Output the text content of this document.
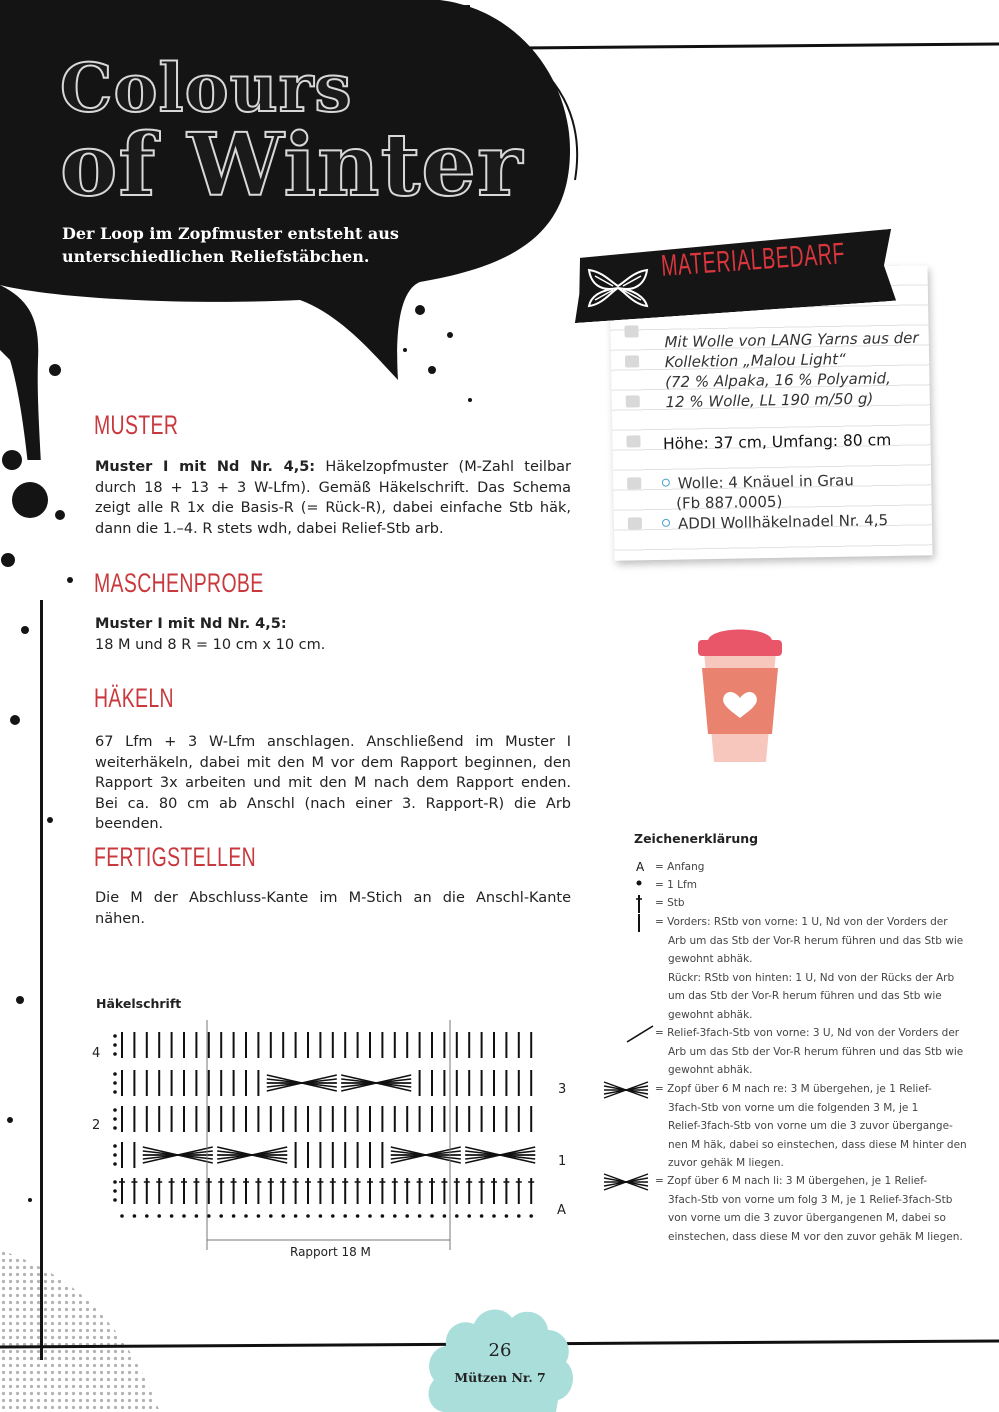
Colours
of Winter
Der Loop im Zopfmuster entsteht aus unterschiedlichen Reliefstäbchen.
MUSTER
Muster I mit Nd Nr. 4,5: Häkelzopfmuster (M-Zahl teilbar durch 18 + 13 + 3 W-Lfm). Gemäß Häkelschrift. Das Schema zeigt alle R 1x die Basis-R (= Rück-R), dabei einfache Stb häk, dann die 1.–4. R stets wdh, dabei Relief-Stb arb.
MASCHENPROBE
Muster I mit Nd Nr. 4,5:
18 M und 8 R = 10 cm x 10 cm.
HÄKELN
67 Lfm + 3 W-Lfm anschlagen. Anschließend im Muster I weiterhäkeln, dabei mit den M vor dem Rapport beginnen, den Rapport 3x arbeiten und mit den M nach dem Rapport enden. Bei ca. 80 cm ab Anschl (nach einer 3. Rapport-R) die Arb beenden.
FERTIGSTELLEN
Die M der Abschluss-Kante im M-Stich an die Anschl-Kante nähen.
MATERIALBEDARF
Mit Wolle von LANG Yarns aus der
Kollektion „Malou Light“
(72 % Alpaka, 16 % Polyamid,
12 % Wolle, LL 190 m/50 g)
Höhe: 37 cm, Umfang: 80 cm
Wolle: 4 Knäuel in Grau
(Fb 887.0005)
ADDI Wollhäkelnadel Nr. 4,5
Häkelschrift
4
2
3
1
A
Rapport 18 M
Zeichenerklärung
A = Anfang
= 1 Lfm
= Stb
= Vorders: RStb von vorne: 1 U, Nd von der Vorders der
Arb um das Stb der Vor-R herum führen und das Stb wie
gewohnt abhäk.
Rückr: RStb von hinten: 1 U, Nd von der Rücks der Arb
um das Stb der Vor-R herum führen und das Stb wie
gewohnt abhäk.
= Relief-3fach-Stb von vorne: 3 U, Nd von der Vorders der
Arb um das Stb der Vor-R herum führen und das Stb wie
gewohnt abhäk.
= Zopf über 6 M nach re: 3 M übergehen, je 1 Relief-
3fach-Stb von vorne um die folgenden 3 M, je 1
Relief-3fach-Stb von vorne um die 3 zuvor übergange-
nen M häk, dabei so einstechen, dass diese M hinter den
zuvor gehäk M liegen.
= Zopf über 6 M nach li: 3 M übergehen, je 1 Relief-
3fach-Stb von vorne um folg 3 M, je 1 Relief-3fach-Stb
von vorne um die 3 zuvor übergangenen M, dabei so
einstechen, dass diese M vor den zuvor gehäk M liegen.
26
Mützen Nr. 7
